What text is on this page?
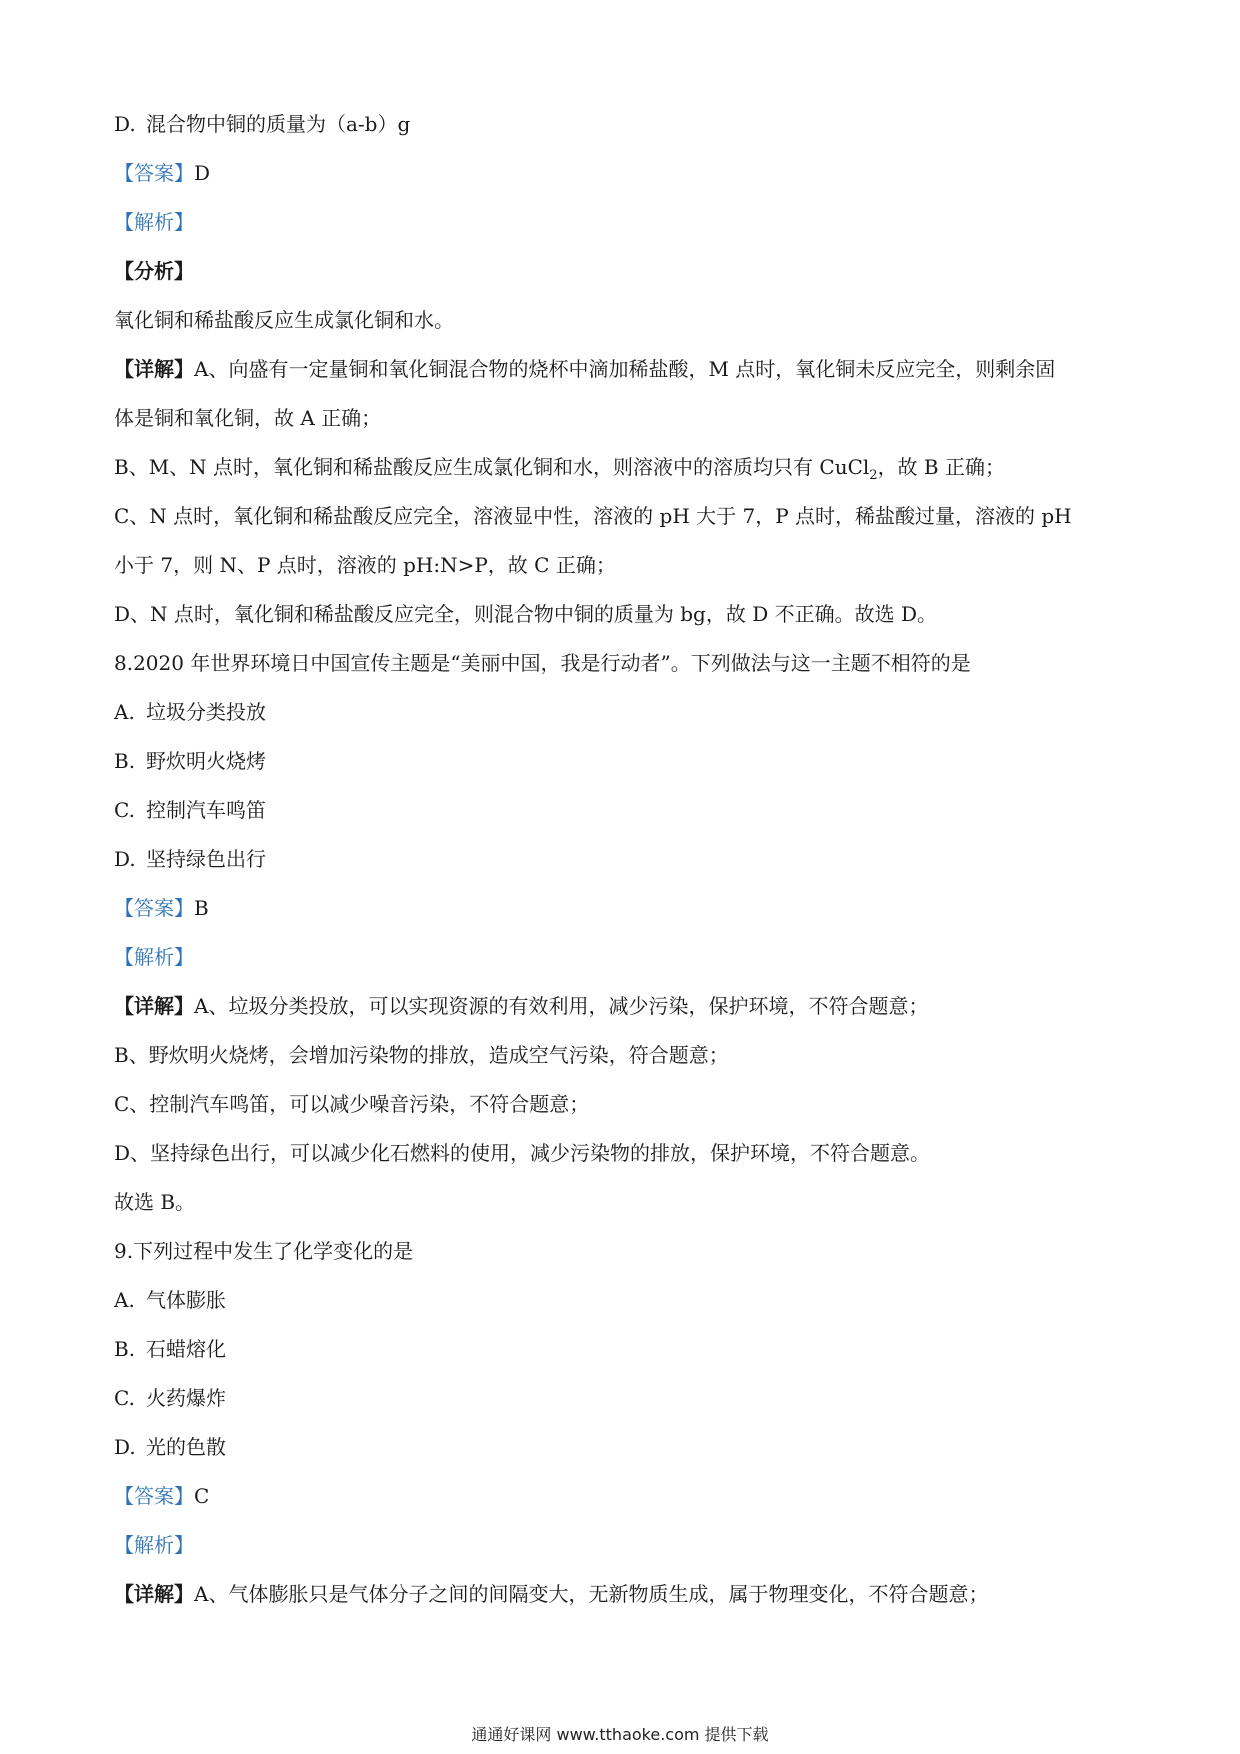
D. 混合物中铜的质量为（a-b）g
【答案】D
【解析】
【分析】
氧化铜和稀盐酸反应生成氯化铜和水。
【详解】A、向盛有一定量铜和氧化铜混合物的烧杯中滴加稀盐酸，M 点时，氧化铜未反应完全，则剩余固
体是铜和氧化铜，故 A 正确；
B、M、N 点时，氧化铜和稀盐酸反应生成氯化铜和水，则溶液中的溶质均只有 CuCl$_2$，故 B 正确；
C、N 点时，氧化铜和稀盐酸反应完全，溶液显中性，溶液的 pH 大于 7，P 点时，稀盐酸过量，溶液的 pH
小于 7，则 N、P 点时，溶液的 pH:N>P，故 C 正确；
D、N 点时，氧化铜和稀盐酸反应完全，则混合物中铜的质量为 bg，故 D 不正确。故选 D。
8.2020 年世界环境日中国宣传主题是“美丽中国，我是行动者”。下列做法与这一主题不相符的是
A. 垃圾分类投放
B. 野炊明火烧烤
C. 控制汽车鸣笛
D. 坚持绿色出行
【答案】B
【解析】
【详解】A、垃圾分类投放，可以实现资源的有效利用，减少污染，保护环境，不符合题意；
B、野炊明火烧烤，会增加污染物的排放，造成空气污染，符合题意；
C、控制汽车鸣笛，可以减少噪音污染，不符合题意；
D、坚持绿色出行，可以减少化石燃料的使用，减少污染物的排放，保护环境，不符合题意。
故选 B。
9.下列过程中发生了化学变化的是
A. 气体膨胀
B. 石蜡熔化
C. 火药爆炸
D. 光的色散
【答案】C
【解析】
【详解】A、气体膨胀只是气体分子之间的间隔变大，无新物质生成，属于物理变化，不符合题意；
通通好课网 www.tthaoke.com 提供下载
